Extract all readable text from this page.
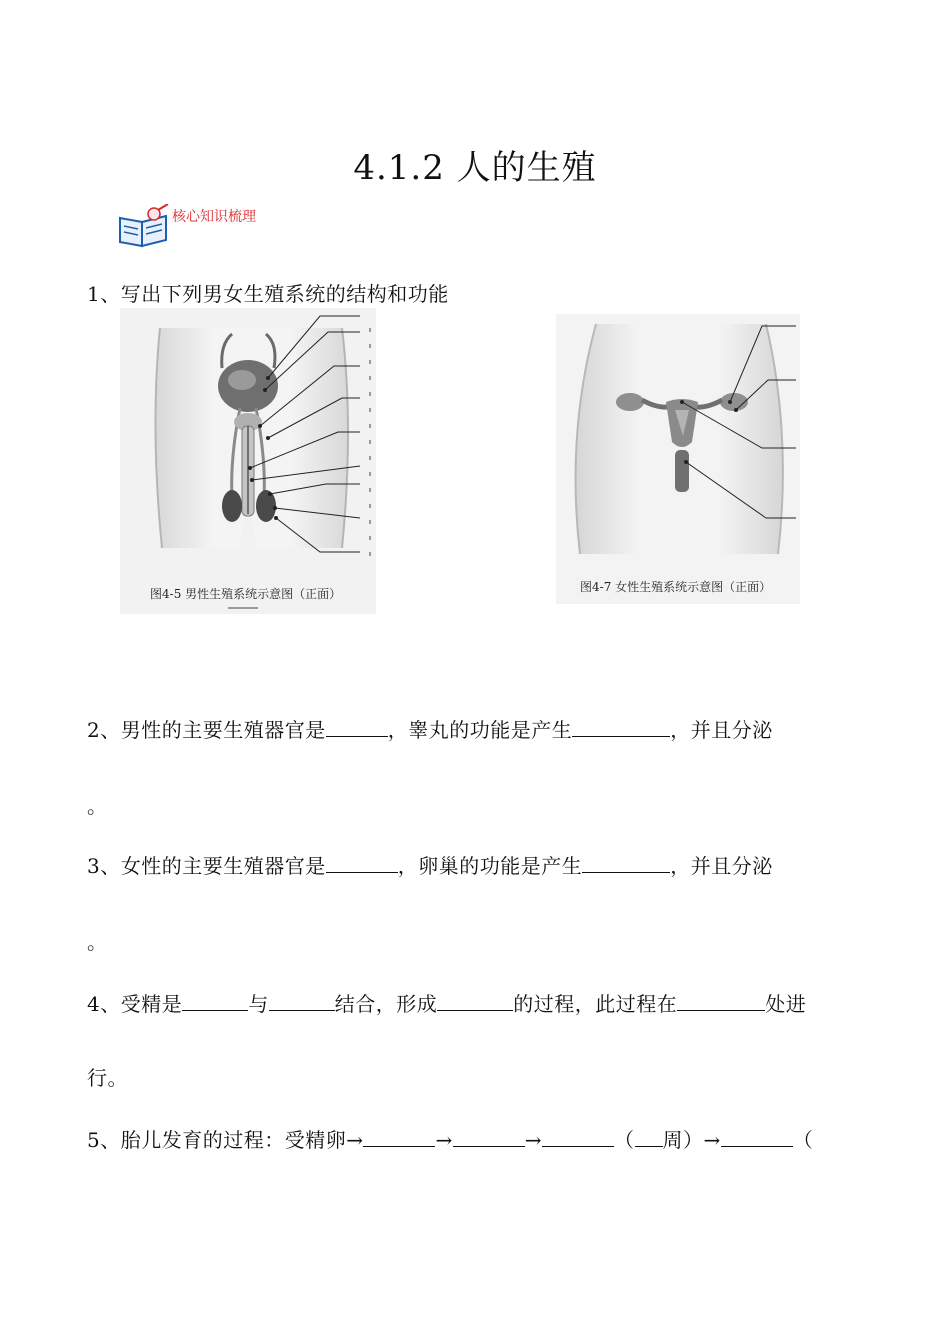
4.1.2 人的生殖
核心知识梳理
1、写出下列男女生殖系统的结构和功能
图4-5 男性生殖系统示意图（正面）	图4-7 女性生殖系统示意图（正面）
2、男性的主要生殖器官是	，睾丸的功能是产生	，并且分泌
。
3、女性的主要生殖器官是	，卵巢的功能是产生	，并且分泌
。
4、受精是	与	结合，形成	的过程，此过程在	处进
行。
5、胎儿发育的过程：受精卵→	→	→	（ 周）→	（
